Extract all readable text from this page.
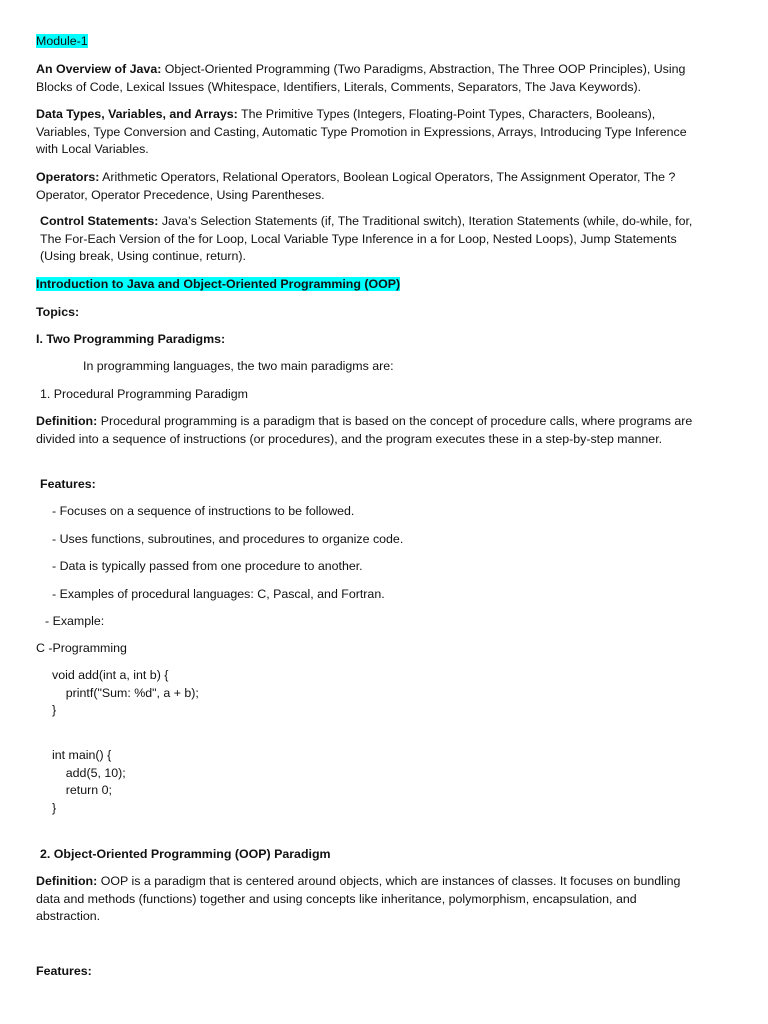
Module-1

An Overview of Java: Object-Oriented Programming (Two Paradigms, Abstraction, The Three OOP Principles), Using Blocks of Code, Lexical Issues (Whitespace, Identifiers, Literals, Comments, Separators, The Java Keywords).

Data Types, Variables, and Arrays: The Primitive Types (Integers, Floating-Point Types, Characters, Booleans), Variables, Type Conversion and Casting, Automatic Type Promotion in Expressions, Arrays, Introducing Type Inference with Local Variables.

Operators: Arithmetic Operators, Relational Operators, Boolean Logical Operators, The Assignment Operator, The ? Operator, Operator Precedence, Using Parentheses.

Control Statements: Java’s Selection Statements (if, The Traditional switch), Iteration Statements (while, do-while, for, The For-Each Version of the for Loop, Local Variable Type Inference in a for Loop, Nested Loops), Jump Statements (Using break, Using continue, return).

Introduction to Java and Object-Oriented Programming (OOP)

Topics:

I. Two Programming Paradigms:

In programming languages, the two main paradigms are:

1. Procedural Programming Paradigm

Definition: Procedural programming is a paradigm that is based on the concept of procedure calls, where programs are divided into a sequence of instructions (or procedures), and the program executes these in a step-by-step manner.

Features:

- Focuses on a sequence of instructions to be followed.

- Uses functions, subroutines, and procedures to organize code.

- Data is typically passed from one procedure to another.

- Examples of procedural languages: C, Pascal, and Fortran.

- Example:

C -Programming

void add(int a, int b) {
printf("Sum: %d", a + b);
}
int main() {
add(5, 10);
return 0;
}

2. Object-Oriented Programming (OOP) Paradigm

Definition: OOP is a paradigm that is centered around objects, which are instances of classes. It focuses on bundling data and methods (functions) together and using concepts like inheritance, polymorphism, encapsulation, and abstraction.

Features:
